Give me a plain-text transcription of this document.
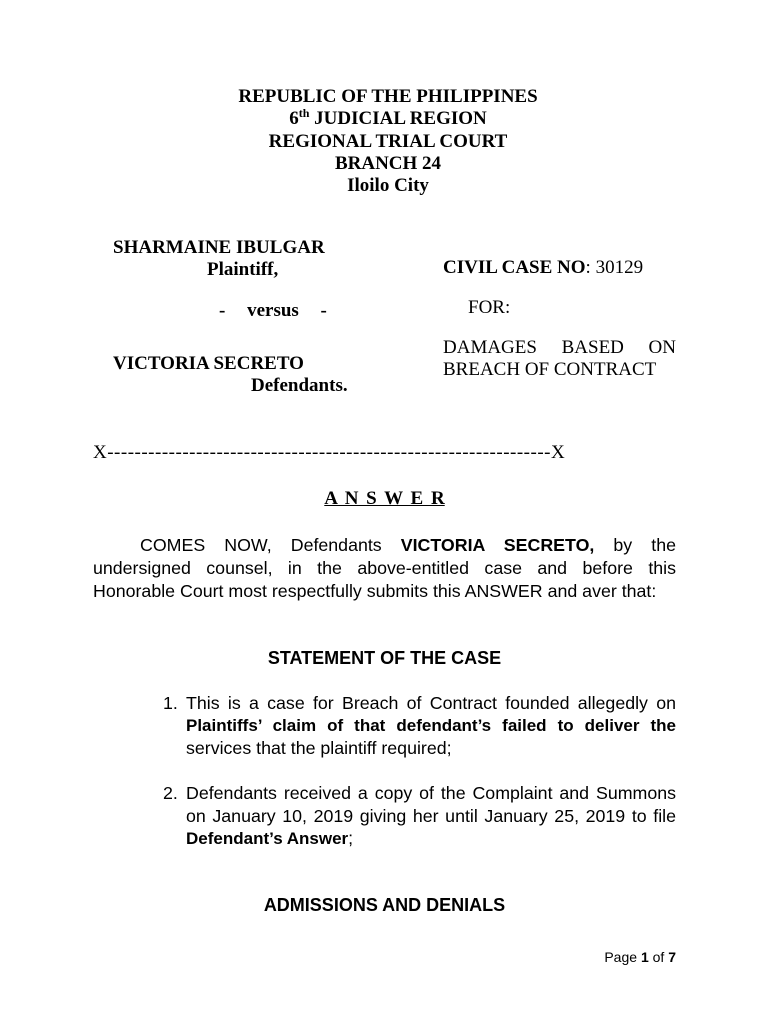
REPUBLIC OF THE PHILIPPINES
6th JUDICIAL REGION
REGIONAL TRIAL COURT
BRANCH 24
Iloilo City
SHARMAINE IBULGAR
Plaintiff,
- versus -
VICTORIA SECRETO
Defendants.
CIVIL CASE NO: 30129
FOR:
DAMAGES BASED ON
BREACH OF CONTRACT
X-----------------------------------------------------------------X
A N S W E R
COMES NOW, Defendants VICTORIA SECRETO, by the
undersigned counsel, in the above-entitled case and before this
Honorable Court most respectfully submits this ANSWER and aver that:
STATEMENT OF THE CASE
1. This is a case for Breach of Contract founded allegedly on
Plaintiffs’ claim of that defendant’s failed to deliver the
services that the plaintiff required;
2. Defendants received a copy of the Complaint and Summons
on January 10, 2019 giving her until January 25, 2019 to file
Defendant’s Answer;
ADMISSIONS AND DENIALS
Page 1 of 7
